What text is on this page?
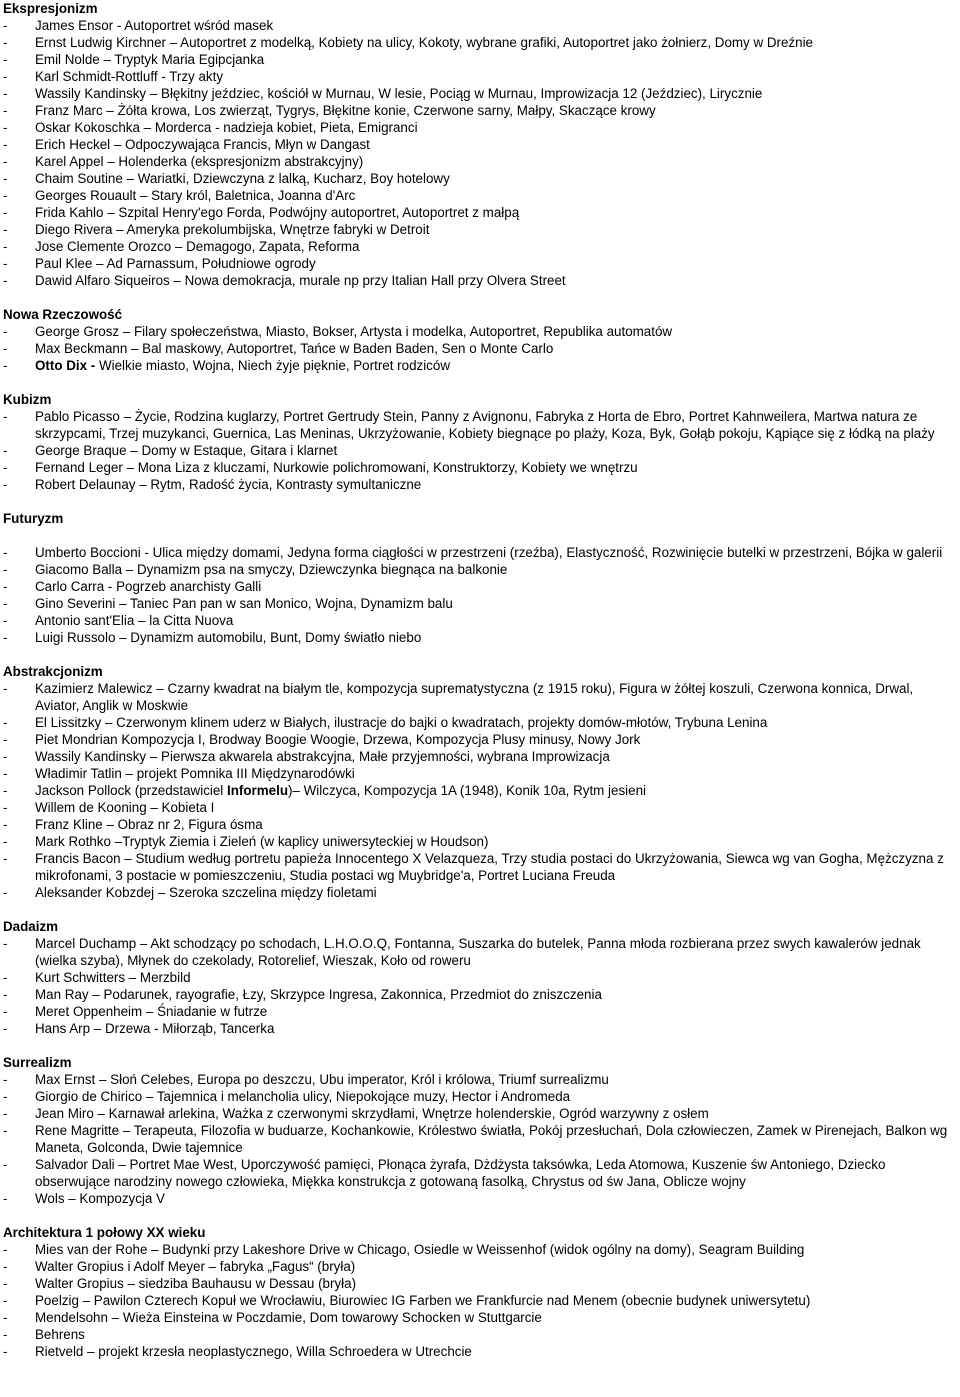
Ekspresjonizm
- James Ensor - Autoportret wśród masek
- Ernst Ludwig Kirchner – Autoportret z modelką, Kobiety na ulicy, Kokoty, wybrane grafiki, Autoportret jako żołnierz, Domy w Dreźnie
- Emil Nolde – Tryptyk Maria Egipcjanka
- Karl Schmidt-Rottluff - Trzy akty
- Wassily Kandinsky – Błękitny jeździec, kościół w Murnau, W lesie, Pociąg w Murnau, Improwizacja 12 (Jeździec), Lirycznie
- Franz Marc – Żółta krowa, Los zwierząt, Tygrys, Błękitne konie, Czerwone sarny, Małpy, Skaczące krowy
- Oskar Kokoschka – Morderca - nadzieja kobiet, Pieta, Emigranci
- Erich Heckel – Odpoczywająca Francis, Młyn w Dangast
- Karel Appel – Holenderka (ekspresjonizm abstrakcyjny)
- Chaim Soutine – Wariatki, Dziewczyna z lalką, Kucharz, Boy hotelowy
- Georges Rouault – Stary król, Baletnica, Joanna d'Arc
- Frida Kahlo – Szpital Henry'ego Forda, Podwójny autoportret, Autoportret z małpą
- Diego Rivera – Ameryka prekolumbijska, Wnętrze fabryki w Detroit
- Jose Clemente Orozco – Demagogo, Zapata, Reforma
- Paul Klee – Ad Parnassum, Południowe ogrody
- Dawid Alfaro Siqueiros – Nowa demokracja, murale np przy Italian Hall przy Olvera Street
Nowa Rzeczowość
- George Grosz – Filary społeczeństwa, Miasto, Bokser, Artysta i modelka, Autoportret, Republika automatów
- Max Beckmann – Bal maskowy, Autoportret, Tańce w Baden Baden, Sen o Monte Carlo
- Otto Dix - Wielkie miasto, Wojna, Niech żyje pięknie, Portret rodziców
Kubizm
- Pablo Picasso – Życie, Rodzina kuglarzy, Portret Gertrudy Stein, Panny z Avignonu, Fabryka z Horta de Ebro, Portret Kahnweilera, Martwa natura ze skrzypcami, Trzej muzykanci, Guernica, Las Meninas, Ukrzyżowanie, Kobiety biegnące po plaży, Koza, Byk, Gołąb pokoju, Kąpiące się z łódką na plaży
- George Braque – Domy w Estaque, Gitara i klarnet
- Fernand Leger – Mona Liza z kluczami, Nurkowie polichromowani, Konstruktorzy, Kobiety we wnętrzu
- Robert Delaunay – Rytm, Radość życia, Kontrasty symultaniczne
Futuryzm
- Umberto Boccioni - Ulica między domami, Jedyna forma ciągłości w przestrzeni (rzeźba), Elastyczność, Rozwinięcie butelki w przestrzeni, Bójka w galerii
- Giacomo Balla – Dynamizm psa na smyczy, Dziewczynka biegnąca na balkonie
- Carlo Carra - Pogrzeb anarchisty Galli
- Gino Severini – Taniec Pan pan w san Monico, Wojna, Dynamizm balu
- Antonio sant'Elia – la Citta Nuova
- Luigi Russolo – Dynamizm automobilu, Bunt, Domy światło niebo
Abstrakcjonizm
- Kazimierz Malewicz – Czarny kwadrat na białym tle, kompozycja suprematystyczna (z 1915 roku), Figura w żółtej koszuli, Czerwona konnica, Drwal, Aviator, Anglik w Moskwie
- El Lissitzky – Czerwonym klinem uderz w Białych, ilustracje do bajki o kwadratach, projekty domów-młotów, Trybuna Lenina
- Piet Mondrian Kompozycja I, Brodway Boogie Woogie, Drzewa, Kompozycja Plusy minusy, Nowy Jork
- Wassily Kandinsky – Pierwsza akwarela abstrakcyjna, Małe przyjemności, wybrana Improwizacja
- Władimir Tatlin – projekt Pomnika III Międzynarodówki
- Jackson Pollock (przedstawiciel Informelu)– Wilczyca, Kompozycja 1A (1948), Konik 10a, Rytm jesieni
- Willem de Kooning – Kobieta I
- Franz Kline – Obraz nr 2, Figura ósma
- Mark Rothko –Tryptyk Ziemia i Zieleń (w kaplicy uniwersyteckiej w Houdson)
- Francis Bacon – Studium według portretu papieża Innocentego X Velazqueza, Trzy studia postaci do Ukrzyżowania, Siewca wg van Gogha, Mężczyzna z mikrofonami, 3 postacie w pomieszczeniu, Studia postaci wg Muybridge'a, Portret Luciana Freuda
- Aleksander Kobzdej – Szeroka szczelina między fioletami
Dadaizm
- Marcel Duchamp – Akt schodzący po schodach, L.H.O.O.Q, Fontanna, Suszarka do butelek, Panna młoda rozbierana przez swych kawalerów jednak (wielka szyba), Młynek do czekolady, Rotorelief, Wieszak, Koło od roweru
- Kurt Schwitters – Merzbild
- Man Ray – Podarunek, rayografie, Łzy, Skrzypce Ingresa, Zakonnica, Przedmiot do zniszczenia
- Meret Oppenheim – Śniadanie w futrze
- Hans Arp – Drzewa - Miłorząb, Tancerka
Surrealizm
- Max Ernst – Słoń Celebes, Europa po deszczu, Ubu imperator, Król i królowa, Triumf surrealizmu
- Giorgio de Chirico – Tajemnica i melancholia ulicy, Niepokojące muzy, Hector i Andromeda
- Jean Miro – Karnawał arlekina, Ważka z czerwonymi skrzydłami, Wnętrze holenderskie, Ogród warzywny z osłem
- Rene Magritte – Terapeuta, Filozofia w buduarze, Kochankowie, Królestwo światła, Pokój przesłuchań, Dola człowieczen, Zamek w Pirenejach, Balkon wg Maneta, Golconda, Dwie tajemnice
- Salvador Dali – Portret Mae West, Uporczywość pamięci, Płonąca żyrafa, Dżdżysta taksówka, Leda Atomowa, Kuszenie św Antoniego, Dziecko obserwujące narodziny nowego człowieka, Miękka konstrukcja z gotowaną fasolką, Chrystus od św Jana, Oblicze wojny
- Wols – Kompozycja V
Architektura 1 połowy XX wieku
- Mies van der Rohe – Budynki przy Lakeshore Drive w Chicago, Osiedle w Weissenhof (widok ogólny na domy), Seagram Building
- Walter Gropius i Adolf Meyer – fabryka „Fagus“ (bryła)
- Walter Gropius – siedziba Bauhausu w Dessau (bryła)
- Poelzig – Pawilon Czterech Kopuł we Wrocławiu, Biurowiec IG Farben we Frankfurcie nad Menem (obecnie budynek uniwersytetu)
- Mendelsohn – Wieża Einsteina w Poczdamie, Dom towarowy Schocken w Stuttgarcie
- Behrens
- Rietveld – projekt krzesła neoplastycznego, Willa Schroedera w Utrechcie
